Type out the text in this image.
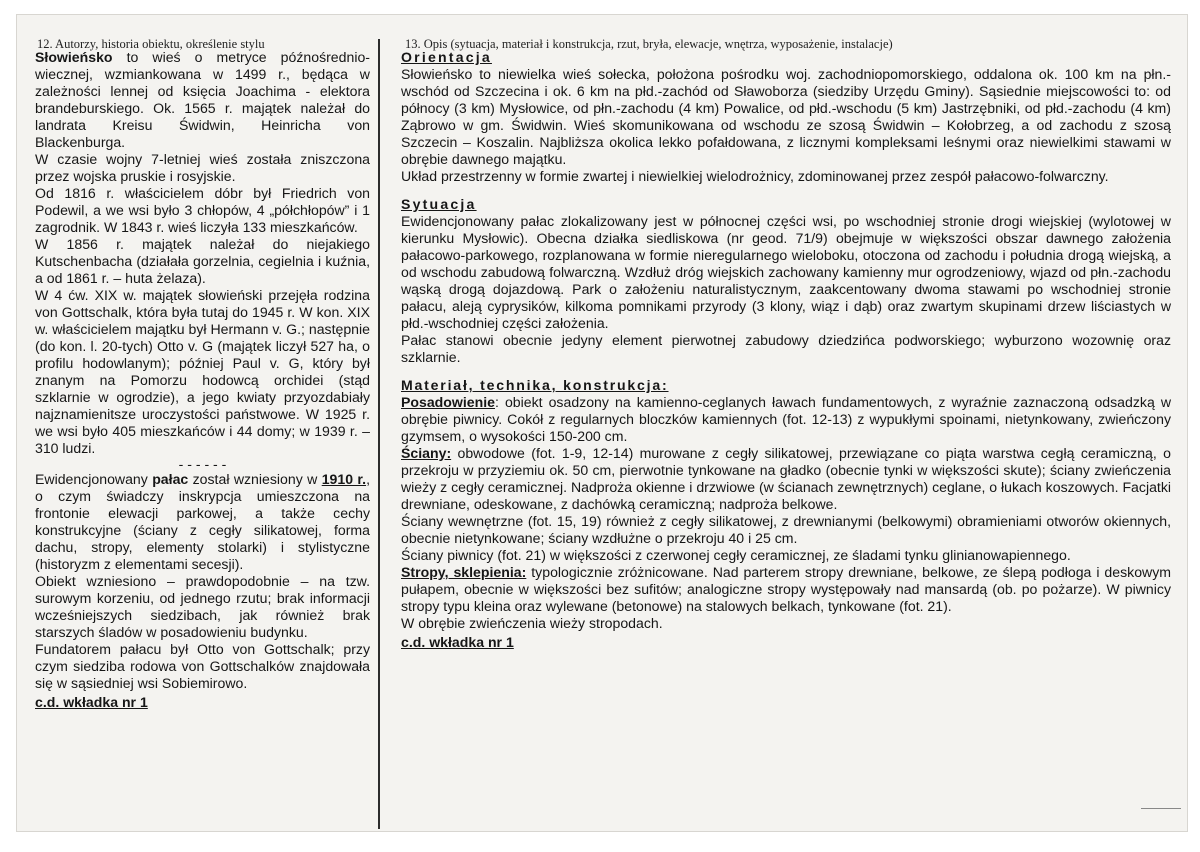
12. Autorzy, historia obiektu, określenie stylu	13. Opis (sytuacja, materiał i konstrukcja, rzut, bryła, elewacje, wnętrza, wyposażenie, instalacje)

Słowieńsko to wieś o metryce późnośrednio-wiecznej, wzmiankowana w 1499 r., będąca w zależności lennej od księcia Joachima - elektora brandeburskiego. Ok. 1565 r. majątek należał do landrata Kreisu Świdwin, Heinricha von Blackenburga.

W czasie wojny 7-letniej wieś została zniszczona przez wojska pruskie i rosyjskie.

Od 1816 r. właścicielem dóbr był Friedrich von Podewil, a we wsi było 3 chłopów, 4 „półchłopów” i 1 zagrodnik. W 1843 r. wieś liczyła 133 mieszkańców.

W 1856 r. majątek należał do niejakiego Kutschenbacha (działała gorzelnia, cegielnia i kuźnia, a od 1861 r. – huta żelaza).

W 4 ćw. XIX w. majątek słowieński przejęła rodzina von Gottschalk, która była tutaj do 1945 r. W kon. XIX w. właścicielem majątku był Hermann v. G.; następnie (do kon. l. 20-tych) Otto v. G (majątek liczył 527 ha, o profilu hodowlanym); później Paul v. G, który był znanym na Pomorzu hodowcą orchidei (stąd szklarnie w ogrodzie), a jego kwiaty przyozdabiały najznamienitsze uroczystości państwowe. W 1925 r. we wsi było 405 mieszkańców i 44 domy; w 1939 r. – 310 ludzi.

- - - - - -

Ewidencjonowany pałac został wzniesiony w 1910 r., o czym świadczy inskrypcja umieszczona na frontonie elewacji parkowej, a także cechy konstrukcyjne (ściany z cegły silikatowej, forma dachu, stropy, elementy stolarki) i stylistyczne (historyzm z elementami secesji).

Obiekt wzniesiono – prawdopodobnie – na tzw. surowym korzeniu, od jednego rzutu; brak informacji wcześniejszych siedzibach, jak również brak starszych śladów w posadowieniu budynku.

Fundatorem pałacu był Otto von Gottschalk; przy czym siedziba rodowa von Gottschalków znajdowała się w sąsiedniej wsi Sobiemirowo.

c.d. wkładka nr 1

Orientacja

Słowieńsko to niewielka wieś sołecka, położona pośrodku woj. zachodniopomorskiego, oddalona ok. 100 km na płn.-wschód od Szczecina i ok. 6 km na płd.-zachód od Sławoborza (siedziby Urzędu Gminy). Sąsiednie miejscowości to: od północy (3 km) Mysłowice, od płn.-zachodu (4 km) Powalice, od płd.-wschodu (5 km) Jastrzębniki, od płd.-zachodu (4 km) Ząbrowo w gm. Świdwin. Wieś skomunikowana od wschodu ze szosą Świdwin – Kołobrzeg, a od zachodu z szosą Szczecin – Koszalin. Najbliższa okolica lekko pofałdowana, z licznymi kompleksami leśnymi oraz niewielkimi stawami w obrębie dawnego majątku.

Układ przestrzenny w formie zwartej i niewielkiej wielodrożnicy, zdominowanej przez zespół pałacowo-folwarczny.

Sytuacja

Ewidencjonowany pałac zlokalizowany jest w północnej części wsi, po wschodniej stronie drogi wiejskiej (wylotowej w kierunku Mysłowic). Obecna działka siedliskowa (nr geod. 71/9) obejmuje w większości obszar dawnego założenia pałacowo-parkowego, rozplanowana w formie nieregularnego wieloboku, otoczona od zachodu i południa drogą wiejską, a od wschodu zabudową folwarczną. Wzdłuż dróg wiejskich zachowany kamienny mur ogrodzeniowy, wjazd od płn.-zachodu wąską drogą dojazdową. Park o założeniu naturalistycznym, zaakcentowany dwoma stawami po wschodniej stronie pałacu, aleją cyprysików, kilkoma pomnikami przyrody (3 klony, wiąz i dąb) oraz zwartym skupinami drzew liściastych w płd.-wschodniej części założenia.

Pałac stanowi obecnie jedyny element pierwotnej zabudowy dziedzińca podworskiego; wyburzono wozownię oraz szklarnie.

Materiał, technika, konstrukcja:

Posadowienie: obiekt osadzony na kamienno-ceglanych ławach fundamentowych, z wyraźnie zaznaczoną odsadzką w obrębie piwnicy. Cokół z regularnych bloczków kamiennych (fot. 12-13) z wypukłymi spoinami, nietynkowany, zwieńczony gzymsem, o wysokości 150-200 cm.

Ściany: obwodowe (fot. 1-9, 12-14) murowane z cegły silikatowej, przewiązane co piąta warstwa cegłą ceramiczną, o przekroju w przyziemiu ok. 50 cm, pierwotnie tynkowane na gładko (obecnie tynki w większości skute); ściany zwieńczenia wieży z cegły ceramicznej. Nadproża okienne i drzwiowe (w ścianach zewnętrznych) ceglane, o łukach koszowych. Facjatki drewniane, odeskowane, z dachówką ceramiczną; nadproża belkowe.

Ściany wewnętrzne (fot. 15, 19) również z cegły silikatowej, z drewnianymi (belkowymi) obramieniami otworów okiennych, obecnie nietynkowane; ściany wzdłużne o przekroju 40 i 25 cm.

Ściany piwnicy (fot. 21) w większości z czerwonej cegły ceramicznej, ze śladami tynku glinianowapiennego.

Stropy, sklepienia: typologicznie zróżnicowane. Nad parterem stropy drewniane, belkowe, ze ślepą podłoga i deskowym pułapem, obecnie w większości bez sufitów; analogiczne stropy występowały nad mansardą (ob. po pożarze). W piwnicy stropy typu kleina oraz wylewane (betonowe) na stalowych belkach, tynkowane (fot. 21).

W obrębie zwieńczenia wieży stropodach.

c.d. wkładka nr 1
